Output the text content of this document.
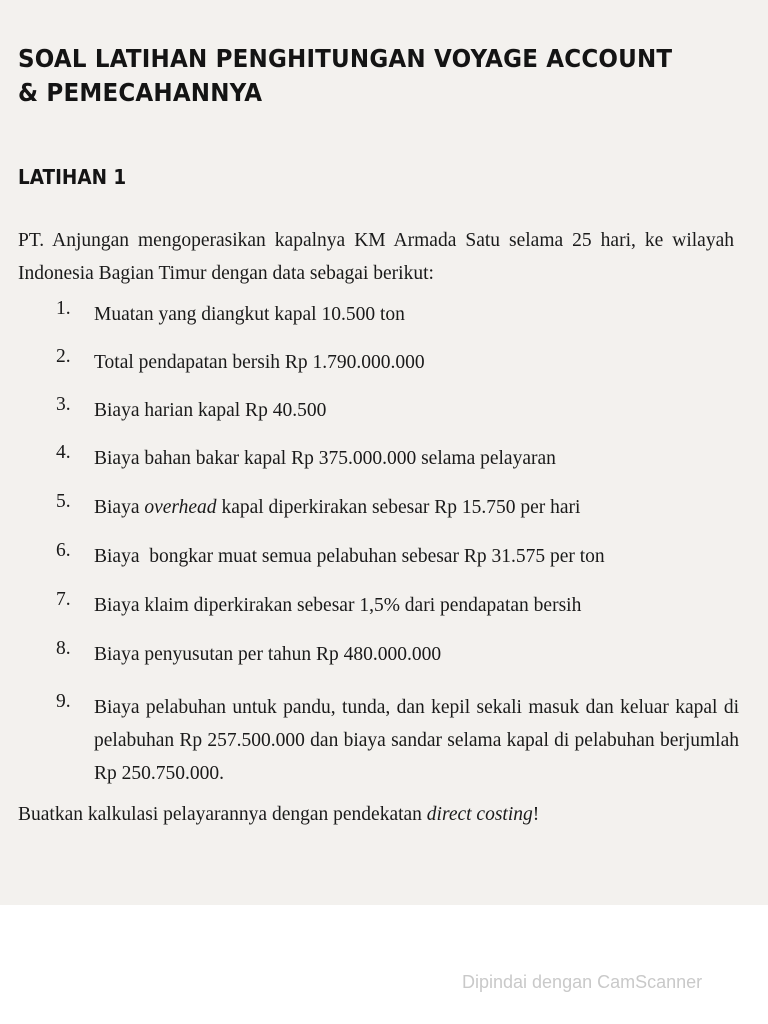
SOAL LATIHAN PENGHITUNGAN VOYAGE ACCOUNT & PEMECAHANNYA
LATIHAN 1
PT. Anjungan mengoperasikan kapalnya KM Armada Satu selama 25 hari, ke wilayah Indonesia Bagian Timur dengan data sebagai berikut:
1.	Muatan yang diangkut kapal 10.500 ton
2.	Total pendapatan bersih Rp 1.790.000.000
3.	Biaya harian kapal Rp 40.500
4.	Biaya bahan bakar kapal Rp 375.000.000 selama pelayaran
5.	Biaya overhead kapal diperkirakan sebesar Rp 15.750 per hari
6.	Biaya  bongkar muat semua pelabuhan sebesar Rp 31.575 per ton
7.	Biaya klaim diperkirakan sebesar 1,5% dari pendapatan bersih
8.	Biaya penyusutan per tahun Rp 480.000.000
9.	Biaya pelabuhan untuk pandu, tunda, dan kepil sekali masuk dan keluar kapal di pelabuhan Rp 257.500.000 dan biaya sandar selama kapal di pelabuhan berjumlah Rp 250.750.000.
Buatkan kalkulasi pelayarannya dengan pendekatan direct costing!
Dipindai dengan CamScanner
